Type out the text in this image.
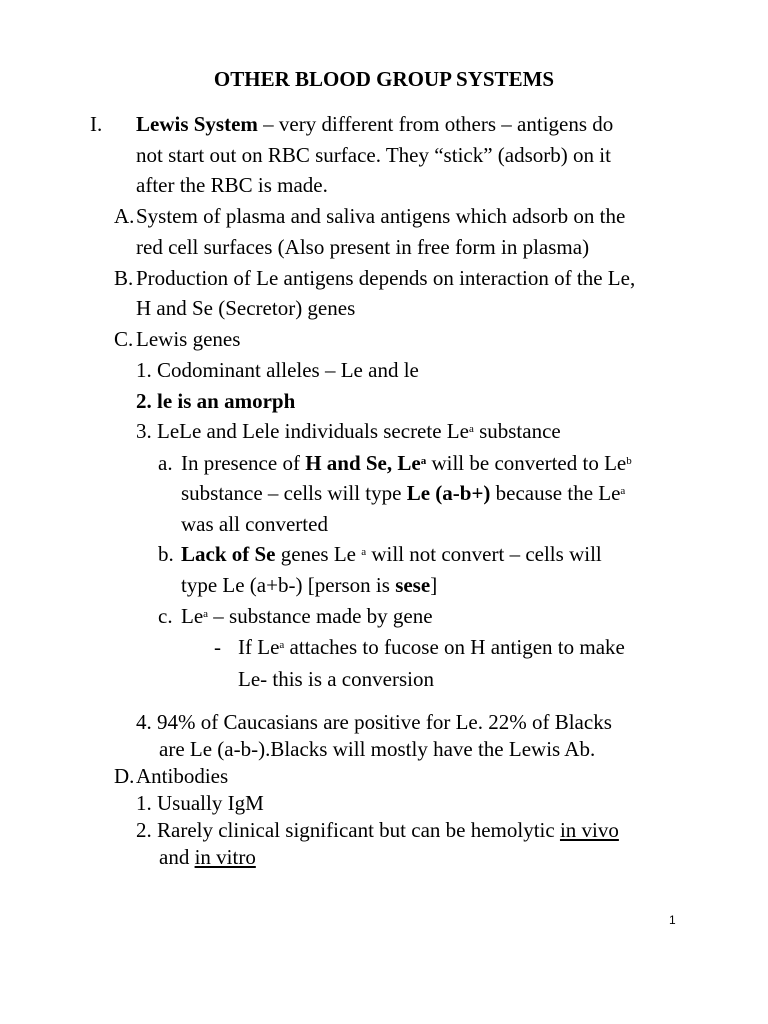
OTHER BLOOD GROUP SYSTEMS
I. Lewis System – very different from others – antigens do
not start out on RBC surface. They “stick” (adsorb) on it
after the RBC is made.
A. System of plasma and saliva antigens which adsorb on the
red cell surfaces (Also present in free form in plasma)
B. Production of Le antigens depends on interaction of the Le,
H and Se (Secretor) genes
C. Lewis genes
1. Codominant alleles – Le and le
2. le is an amorph
3. LeLe and Lele individuals secrete Le$^a$ substance
a. In presence of H and Se, Le$^a$ will be converted to Le$^b$
substance – cells will type Le (a-b+) because the Le$^a$
was all converted
b. Lack of Se genes Le $^a$ will not convert – cells will
type Le (a+b-) [person is sese]
c. Le$^a$ – substance made by gene
- If Le$^a$ attaches to fucose on H antigen to make
Le- this is a conversion
4. 94% of Caucasians are positive for Le. 22% of Blacks
are Le (a-b-).Blacks will mostly have the Lewis Ab.
D. Antibodies
1. Usually IgM
2. Rarely clinical significant but can be hemolytic in vivo
and in vitro
1
